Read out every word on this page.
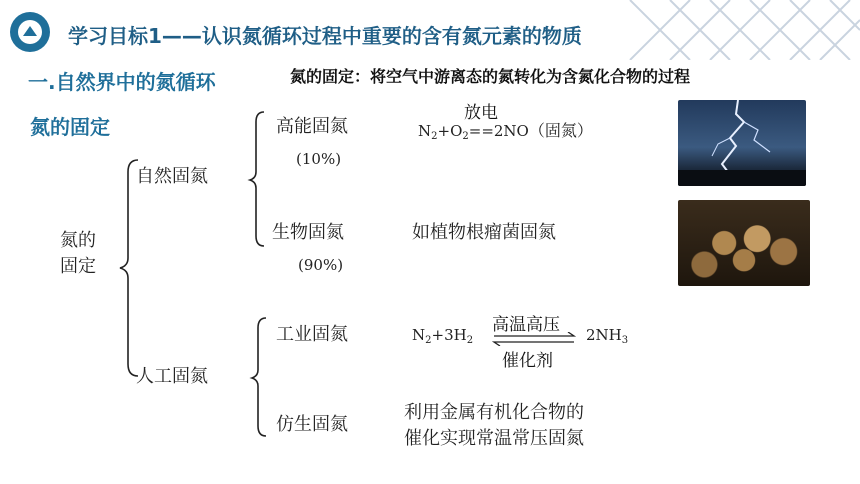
学习目标1——认识氮循环过程中重要的含有氮元素的物质
一.自然界中的氮循环	氮的固定：将空气中游离态的氮转化为含氮化合物的过程
氮的固定
氮的
固定
自然固氮
人工固氮
高能固氮
(10%)
生物固氮
(90%)
工业固氮
仿生固氮
放电
$N_2+O_2==2NO$（固氮）
如植物根瘤菌固氮
$N_2+3H_2$
高温高压
催化剂
$2NH_3$
利用金属有机化合物的
催化实现常温常压固氮
